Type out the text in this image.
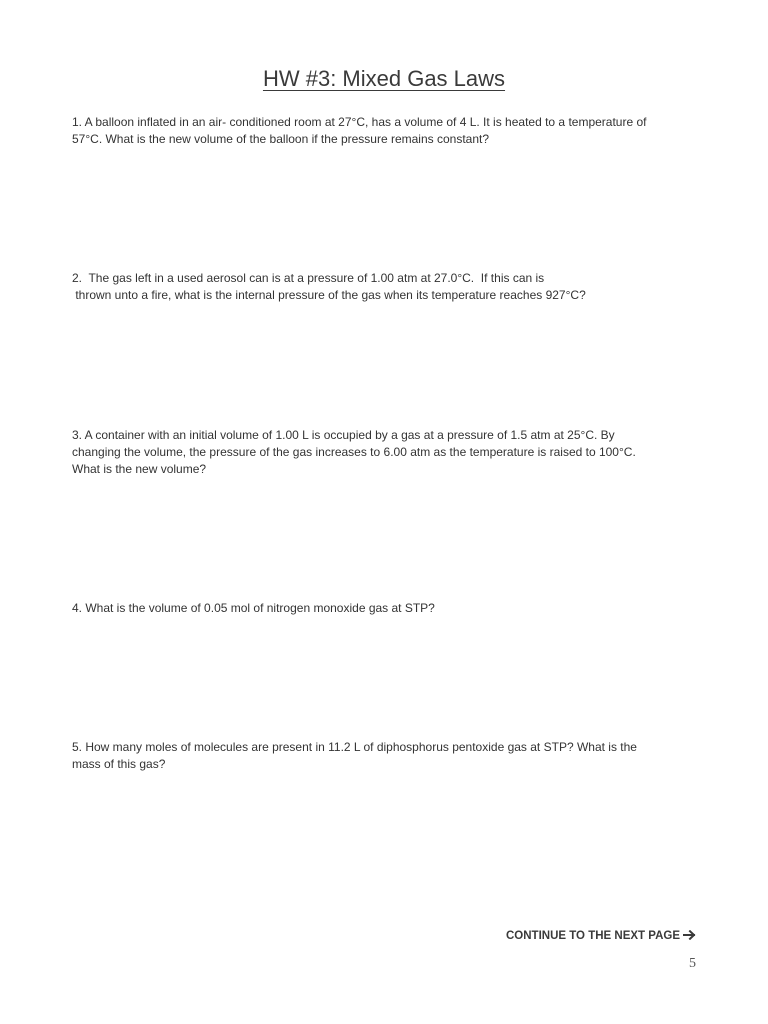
HW #3: Mixed Gas Laws
1. A balloon inflated in an air- conditioned room at 27°C, has a volume of 4 L. It is heated to a temperature of
57°C. What is the new volume of the balloon if the pressure remains constant?
2.  The gas left in a used aerosol can is at a pressure of 1.00 atm at 27.0°C.  If this can is
thrown unto a fire, what is the internal pressure of the gas when its temperature reaches 927°C?
3. A container with an initial volume of 1.00 L is occupied by a gas at a pressure of 1.5 atm at 25°C. By
changing the volume, the pressure of the gas increases to 6.00 atm as the temperature is raised to 100°C.
What is the new volume?
4. What is the volume of 0.05 mol of nitrogen monoxide gas at STP?
5. How many moles of molecules are present in 11.2 L of diphosphorus pentoxide gas at STP? What is the
mass of this gas?
CONTINUE TO THE NEXT PAGE
5
